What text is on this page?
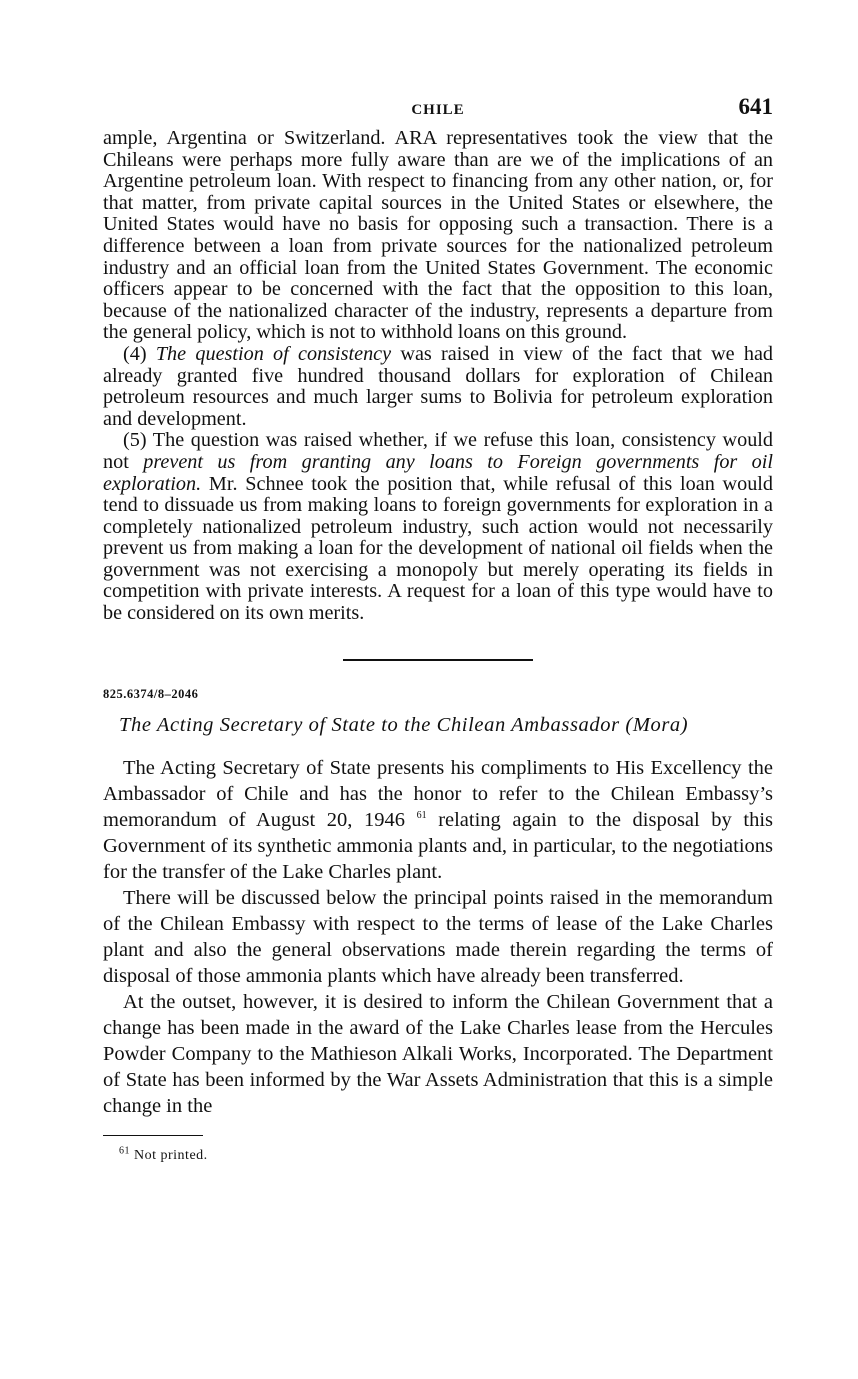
CHILE	641

ample, Argentina or Switzerland. ARA representatives took the view that the Chileans were perhaps more fully aware than are we of the implications of an Argentine petroleum loan. With respect to financing from any other nation, or, for that matter, from private capital sources in the United States or elsewhere, the United States would have no basis for opposing such a transaction. There is a difference between a loan from private sources for the nationalized petroleum industry and an official loan from the United States Government. The economic officers appear to be concerned with the fact that the opposition to this loan, because of the nationalized character of the industry, represents a departure from the general policy, which is not to withhold loans on this ground.

(4) The question of consistency was raised in view of the fact that we had already granted five hundred thousand dollars for exploration of Chilean petroleum resources and much larger sums to Bolivia for petroleum exploration and development.

(5) The question was raised whether, if we refuse this loan, consistency would not prevent us from granting any loans to Foreign governments for oil exploration. Mr. Schnee took the position that, while refusal of this loan would tend to dissuade us from making loans to foreign governments for exploration in a completely nationalized petroleum industry, such action would not necessarily prevent us from making a loan for the development of national oil fields when the government was not exercising a monopoly but merely operating its fields in competition with private interests. A request for a loan of this type would have to be considered on its own merits.

825.6374/8–2046
The Acting Secretary of State to the Chilean Ambassador (Mora)

The Acting Secretary of State presents his compliments to His Excellency the Ambassador of Chile and has the honor to refer to the Chilean Embassy’s memorandum of August 20, 1946 $^{61}$ relating again to the disposal by this Government of its synthetic ammonia plants and, in particular, to the negotiations for the transfer of the Lake Charles plant.

There will be discussed below the principal points raised in the memorandum of the Chilean Embassy with respect to the terms of lease of the Lake Charles plant and also the general observations made therein regarding the terms of disposal of those ammonia plants which have already been transferred.

At the outset, however, it is desired to inform the Chilean Government that a change has been made in the award of the Lake Charles lease from the Hercules Powder Company to the Mathieson Alkali Works, Incorporated. The Department of State has been informed by the War Assets Administration that this is a simple change in the

$^{61}$ Not printed.
